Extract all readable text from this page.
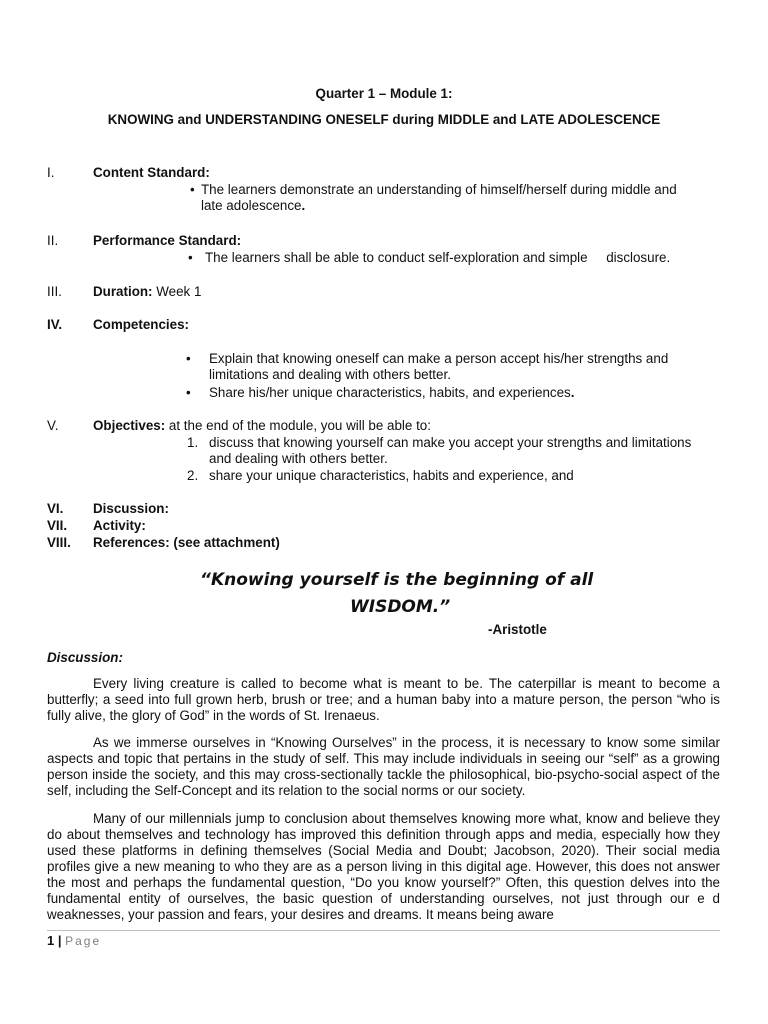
Quarter 1 – Module 1:
KNOWING and UNDERSTANDING ONESELF during MIDDLE and LATE ADOLESCENCE
I.	Content Standard:
• The learners demonstrate an understanding of himself/herself during middle and
late adolescence.
II.	Performance Standard:
• The learners shall be able to conduct self-exploration and simple     disclosure.
III. Duration: Week 1
IV. Competencies:
• Explain that knowing oneself can make a person accept his/her strengths and
limitations and dealing with others better.
• Share his/her unique characteristics, habits, and experiences.
V.	Objectives: at the end of the module, you will be able to:
1. discuss that knowing yourself can make you accept your strengths and limitations
and dealing with others better.
2. share your unique characteristics, habits and experience, and
VI. Discussion:
VII. Activity:
VIII. References: (see attachment)
“Knowing yourself is the beginning of all
WISDOM.”
-Aristotle
Discussion:
Every living creature is called to become what is meant to be. The caterpillar is meant to become a butterfly; a seed into full grown herb, brush or tree; and a human baby into a mature person, the person “who is fully alive, the glory of God” in the words of St. Irenaeus.
As we immerse ourselves in “Knowing Ourselves” in the process, it is necessary to know some similar aspects and topic that pertains in the study of self. This may include individuals in seeing our “self” as a growing person inside the society, and this may cross-sectionally tackle the philosophical, bio-psycho-social aspect of the self, including the Self-Concept and its relation to the social norms or our society.
Many of our millennials jump to conclusion about themselves knowing more what, know and believe they do about themselves and technology has improved this definition through apps and media, especially how they used these platforms in defining themselves (Social Media and Doubt; Jacobson, 2020). Their social media profiles give a new meaning to who they are as a person living in this digital age. However, this does not answer the most and perhaps the fundamental question, “Do you know yourself?” Often, this question delves into the fundamental entity of ourselves, the basic question of understanding ourselves, not just through our e d weaknesses, your passion and fears, your desires and dreams. It means being aware
1 | Page
